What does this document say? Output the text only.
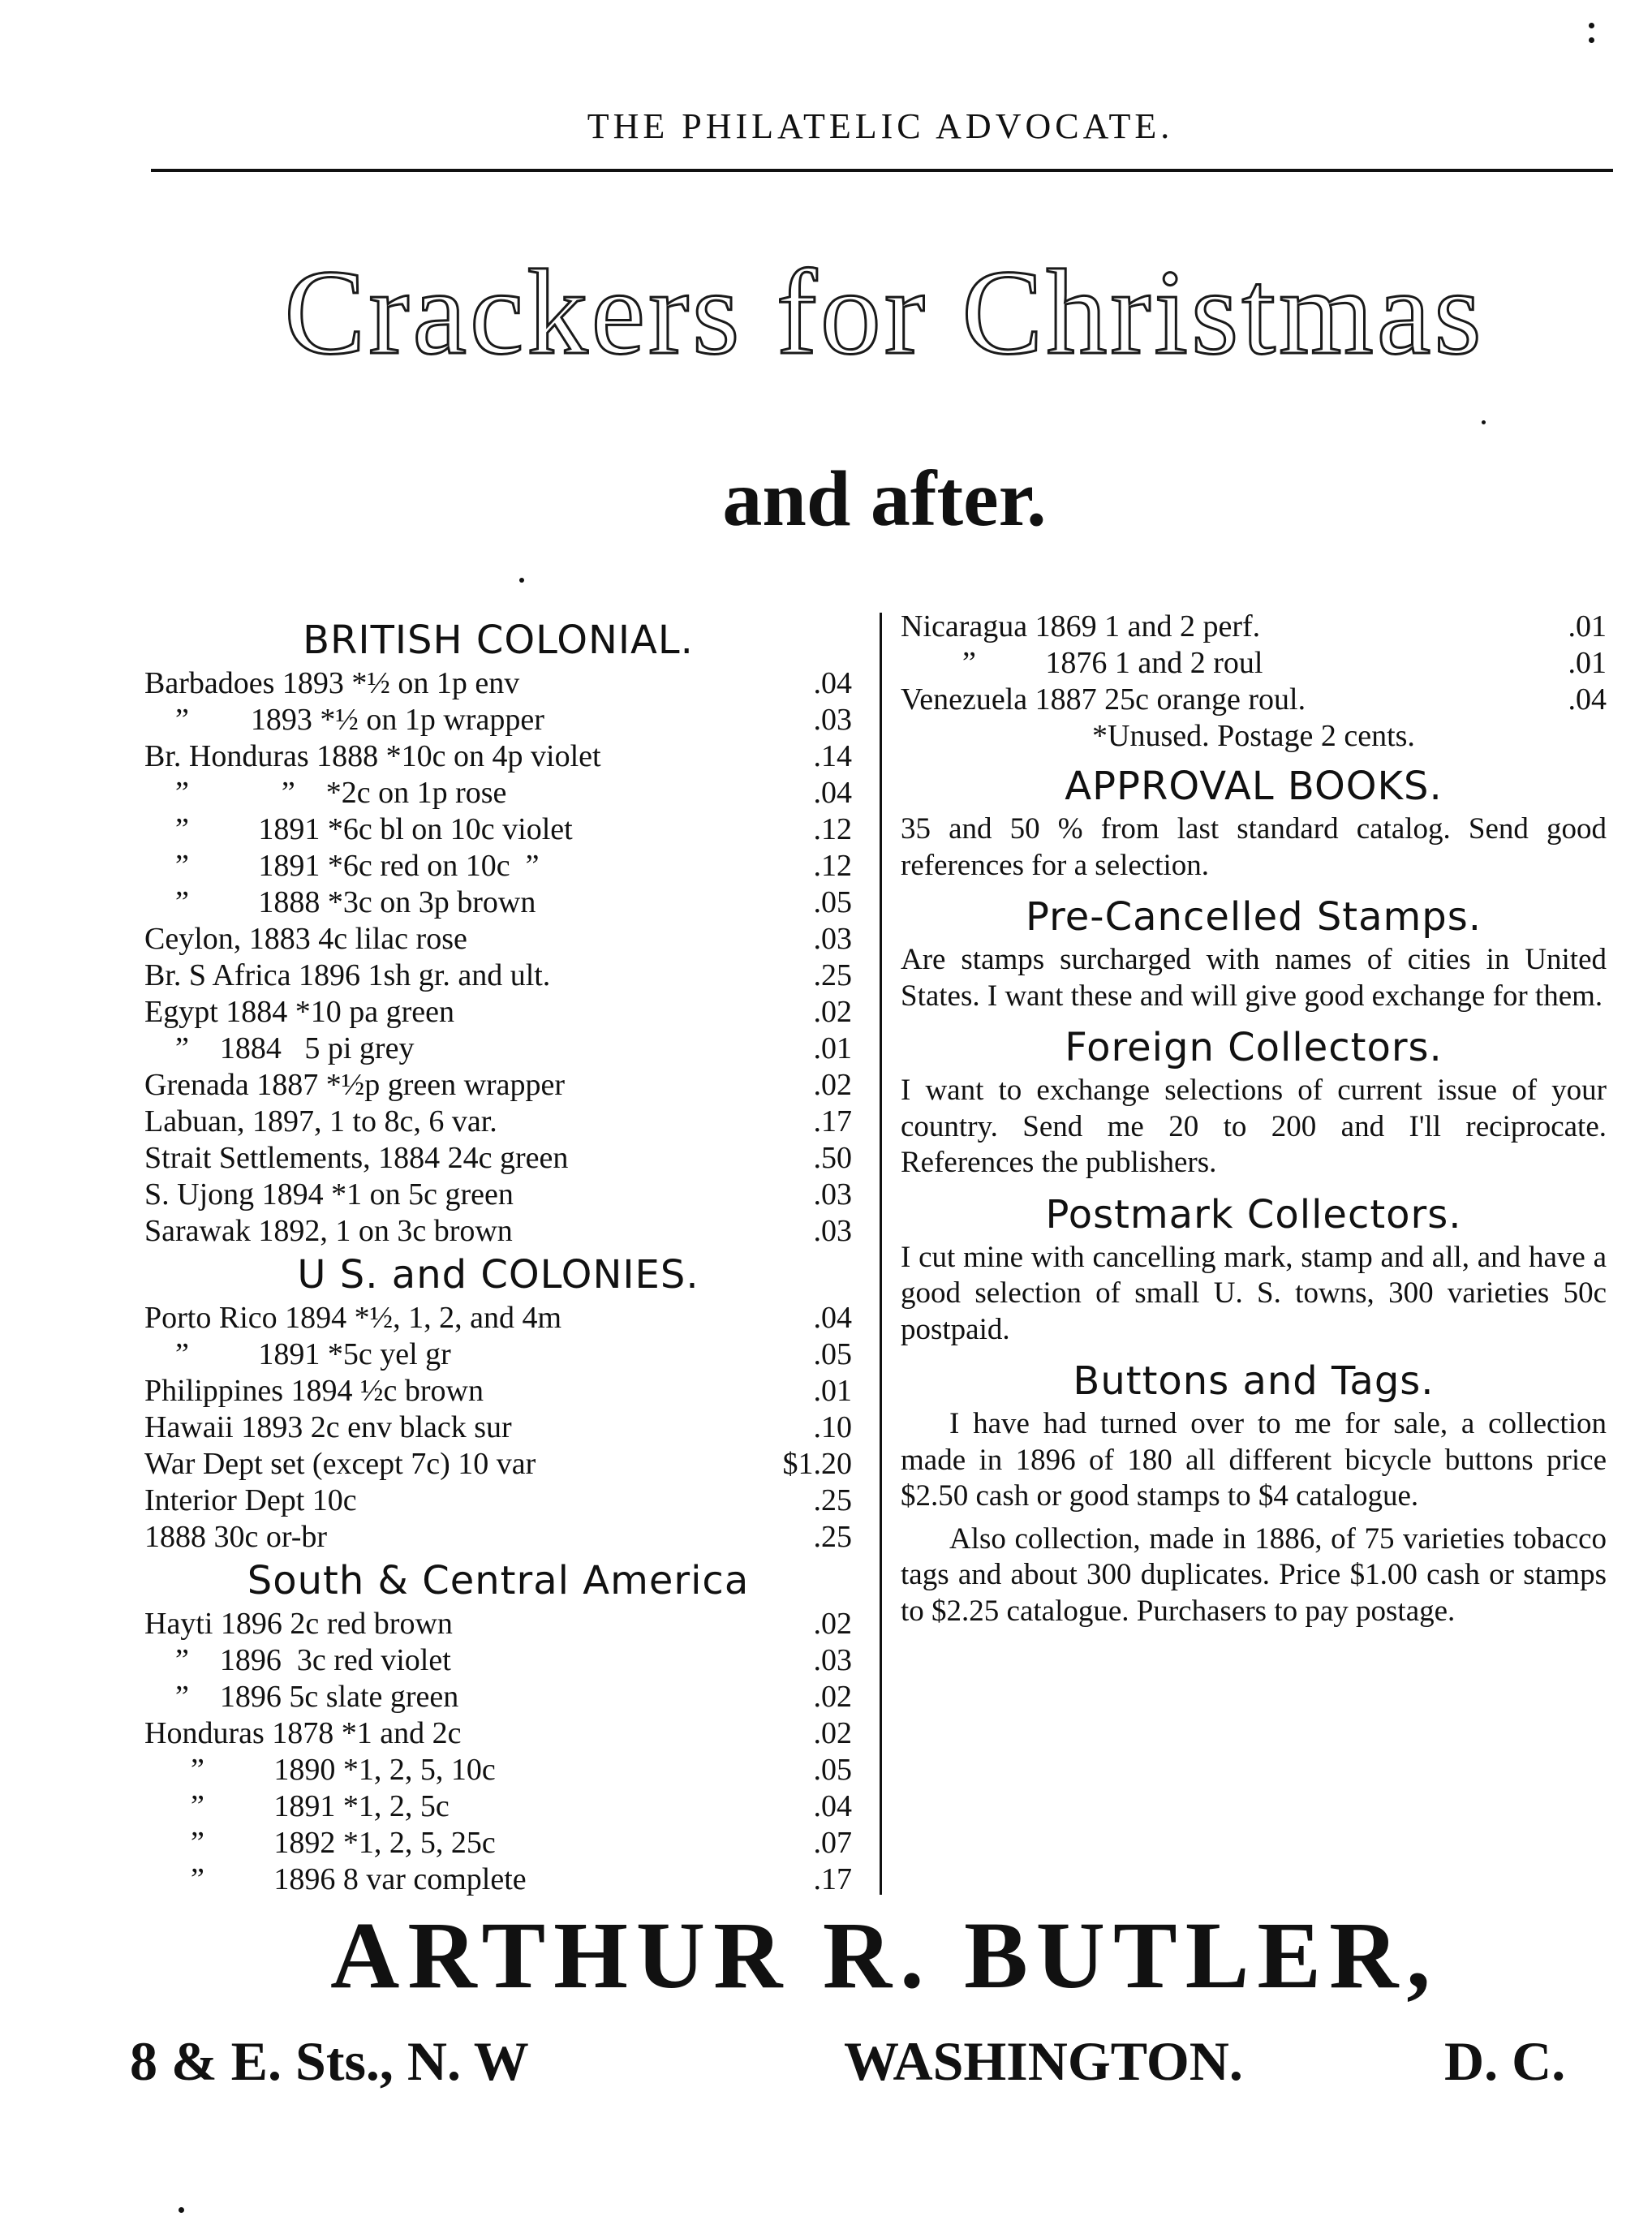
THE PHILATELIC ADVOCATE.
Crackers for Christmas
and after.
BRITISH COLONIAL.
Barbadoes 1893 *½ on 1p env	.04
”        1893 *½ on 1p wrapper	.03
Br. Honduras 1888 *10c on 4p violet	.14
”            ”    *2c on 1p rose	.04
”         1891 *6c bl on 10c violet	.12
”         1891 *6c red on 10c  ”	.12
”         1888 *3c on 3p brown	.05
Ceylon, 1883 4c lilac rose	.03
Br. S Africa 1896 1sh gr. and ult.	.25
Egypt 1884 *10 pa green	.02
”    1884   5 pi grey	.01
Grenada 1887 *½p green wrapper	.02
Labuan, 1897, 1 to 8c, 6 var.	.17
Strait Settlements, 1884 24c green	.50
S. Ujong 1894 *1 on 5c green	.03
Sarawak 1892, 1 on 3c brown	.03
U S. and COLONIES.
Porto Rico 1894 *½, 1, 2, and 4m	.04
”         1891 *5c yel gr	.05
Philippines 1894 ½c brown	.01
Hawaii 1893 2c env black sur	.10
War Dept set (except 7c) 10 var	$1.20
Interior Dept 10c	.25
1888 30c or-br	.25
South & Central America
Hayti 1896 2c red brown	.02
”    1896  3c red violet	.03
”    1896 5c slate green	.02
Honduras 1878 *1 and 2c	.02
”         1890 *1, 2, 5, 10c	.05
”         1891 *1, 2, 5c	.04
”         1892 *1, 2, 5, 25c	.07
”         1896 8 var complete	.17
Nicaragua 1869 1 and 2 perf.	.01
”         1876 1 and 2 roul	.01
Venezuela 1887 25c orange roul.	.04
*Unused. Postage 2 cents.
APPROVAL BOOKS.
35 and 50 % from last standard catalog. Send good references for a selection.
Pre-Cancelled Stamps.
Are stamps surcharged with names of cities in United States. I want these and will give good exchange for them.
Foreign Collectors.
I want to exchange selections of current issue of your country. Send me 20 to 200 and I'll reciprocate. References the publishers.
Postmark Collectors.
I cut mine with cancelling mark, stamp and all, and have a good selection of small U. S. towns, 300 varieties 50c postpaid.
Buttons and Tags.
I have had turned over to me for sale, a collection made in 1896 of 180 all different bicycle buttons price $2.50 cash or good stamps to $4 catalogue.
Also collection, made in 1886, of 75 varieties tobacco tags and about 300 duplicates. Price $1.00 cash or stamps to $2.25 catalogue. Purchasers to pay postage.
ARTHUR R. BUTLER,
8 & E. Sts., N. W	WASHINGTON.	D. C.
